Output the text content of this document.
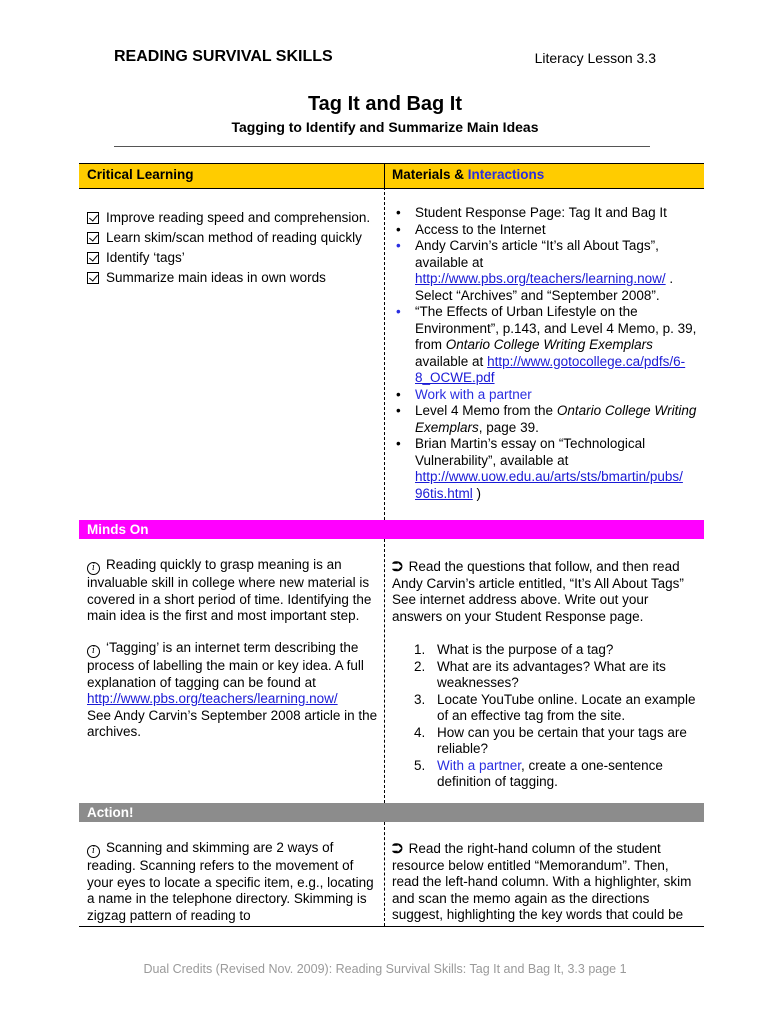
READING SURVIVAL SKILLS	Literacy Lesson 3.3
Tag It and Bag It
Tagging to Identify and Summarize Main Ideas
Critical Learning	Materials & Interactions
Improve reading speed and comprehension.
Learn skim/scan method of reading quickly
Identify ‘tags’
Summarize main ideas in own words
• Student Response Page: Tag It and Bag It
• Access to the Internet
• Andy Carvin’s article “It’s all About Tags”, available at http://www.pbs.org/teachers/learning.now/ . Select “Archives” and “September 2008”.
• “The Effects of Urban Lifestyle on the Environment”, p.143, and Level 4 Memo, p. 39, from Ontario College Writing Exemplars available at http://www.gotocollege.ca/pdfs/6-
8_OCWE.pdf
• Work with a partner
• Level 4 Memo from the Ontario College Writing Exemplars, page 39.
• Brian Martin’s essay on “Technological Vulnerability”, available at http://www.uow.edu.au/arts/sts/bmartin/pubs/
96tis.html )
Minds On
i Reading quickly to grasp meaning is an invaluable skill in college where new material is covered in a short period of time. Identifying the main idea is the first and most important step.
i ‘Tagging’ is an internet term describing the process of labelling the main or key idea. A full explanation of tagging can be found at
http://www.pbs.org/teachers/learning.now/
See Andy Carvin’s September 2008 article in the archives.
⮊ Read the questions that follow, and then read Andy Carvin’s article entitled, “It’s All About Tags” See internet address above. Write out your answers on your Student Response page.
1. What is the purpose of a tag?
2. What are its advantages? What are its weaknesses?
3. Locate YouTube online. Locate an example of an effective tag from the site.
4. How can you be certain that your tags are reliable?
5. With a partner, create a one-sentence definition of tagging.
Action!
i Scanning and skimming are 2 ways of reading. Scanning refers to the movement of your eyes to locate a specific item, e.g., locating a name in the telephone directory. Skimming is zigzag pattern of reading to
⮊ Read the right-hand column of the student resource below entitled “Memorandum”. Then, read the left-hand column. With a highlighter, skim and scan the memo again as the directions suggest, highlighting the key words that could be
Dual Credits (Revised Nov. 2009): Reading Survival Skills: Tag It and Bag It, 3.3 page 1
